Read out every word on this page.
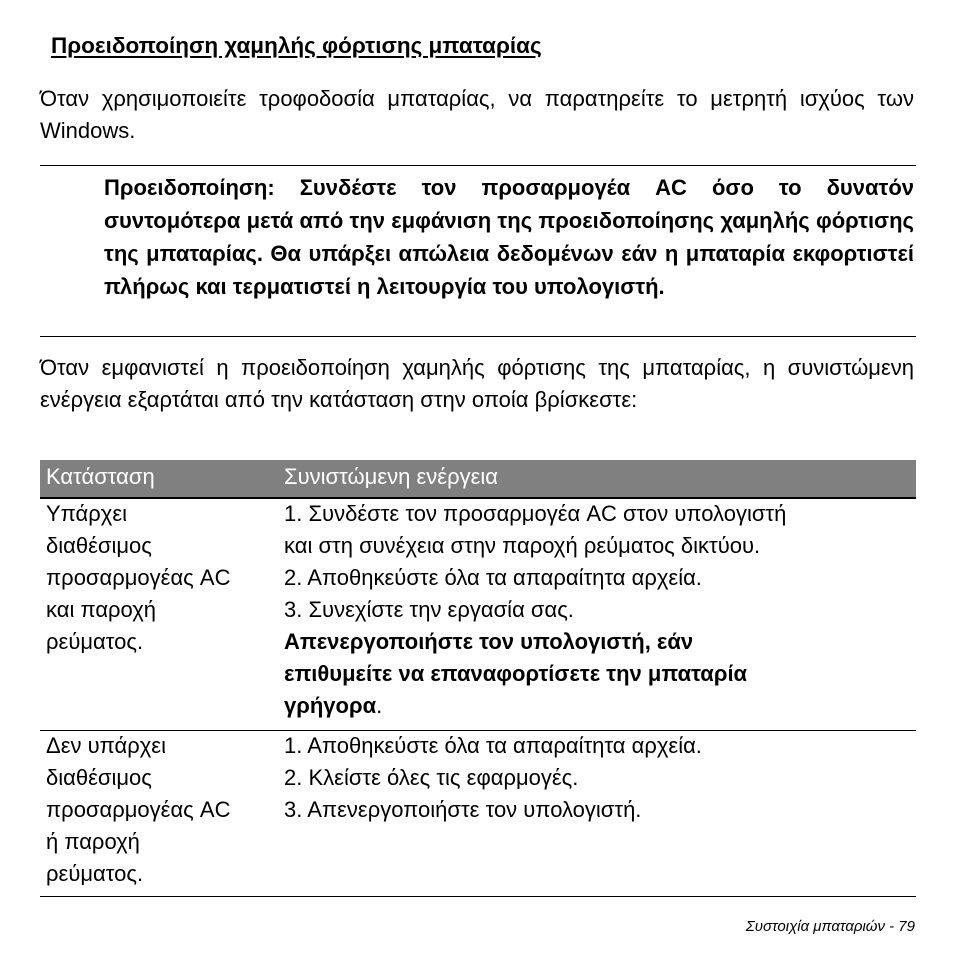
Προειδοποίηση χαμηλής φόρτισης μπαταρίας
Όταν χρησιμοποιείτε τροφοδοσία μπαταρίας, να παρατηρείτε το μετρητή ισχύος των Windows.
Προειδοποίηση: Συνδέστε τον προσαρμογέα AC όσο το δυνατόν συντομότερα μετά από την εμφάνιση της προειδοποίησης χαμηλής φόρτισης της μπαταρίας. Θα υπάρξει απώλεια δεδομένων εάν η μπαταρία εκφορτιστεί πλήρως και τερματιστεί η λειτουργία του υπολογιστή.
Όταν εμφανιστεί η προειδοποίηση χαμηλής φόρτισης της μπαταρίας, η συνιστώμενη ενέργεια εξαρτάται από την κατάσταση στην οποία βρίσκεστε:
Κατάσταση	Συνιστώμενη ενέργεια
Υπάρχει
διαθέσιμος
προσαρμογέας AC
και παροχή
ρεύματος.
1. Συνδέστε τον προσαρμογέα AC στον υπολογιστή
και στη συνέχεια στην παροχή ρεύματος δικτύου.
2. Αποθηκεύστε όλα τα απαραίτητα αρχεία.
3. Συνεχίστε την εργασία σας.
Απενεργοποιήστε τον υπολογιστή, εάν
επιθυμείτε να επαναφορτίσετε την μπαταρία
γρήγορα.
Δεν υπάρχει
διαθέσιμος
προσαρμογέας AC
ή παροχή
ρεύματος.
1. Αποθηκεύστε όλα τα απαραίτητα αρχεία.
2. Κλείστε όλες τις εφαρμογές.
3. Απενεργοποιήστε τον υπολογιστή.
Συστοιχία μπαταριών - 79
